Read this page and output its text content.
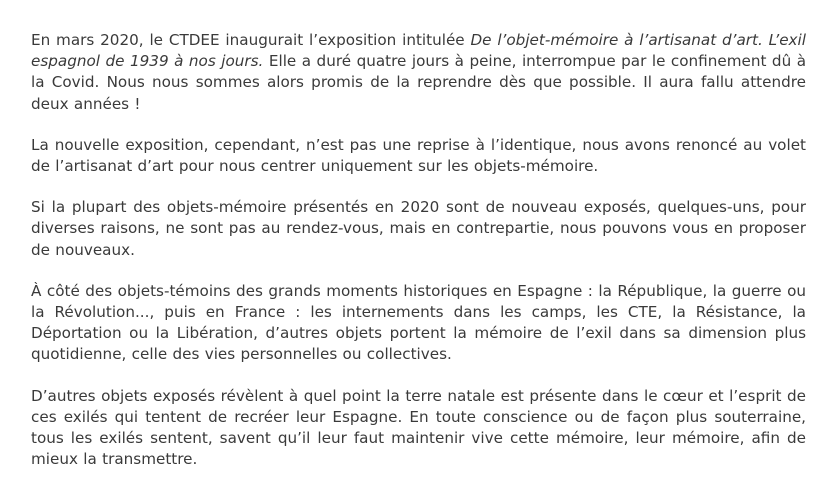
En mars 2020, le CTDEE inaugurait l’exposition intitulée De l’objet-mémoire à l’artisanat d’art. L’exil espagnol de 1939 à nos jours. Elle a duré quatre jours à peine, interrompue par le confinement dû à la Covid. Nous nous sommes alors promis de la reprendre dès que possible. Il aura fallu attendre deux années !

La nouvelle exposition, cependant, n’est pas une reprise à l’identique, nous avons renoncé au volet de l’artisanat d’art pour nous centrer uniquement sur les objets-mémoire.

Si la plupart des objets-mémoire présentés en 2020 sont de nouveau exposés, quelques-uns, pour diverses raisons, ne sont pas au rendez-vous, mais en contrepartie, nous pouvons vous en proposer de nouveaux.

À côté des objets-témoins des grands moments historiques en Espagne : la République, la guerre ou la Révolution..., puis en France : les internements dans les camps, les CTE, la Résistance, la Déportation ou la Libération, d’autres objets portent la mémoire de l’exil dans sa dimension plus quotidienne, celle des vies personnelles ou collectives.

D’autres objets exposés révèlent à quel point la terre natale est présente dans le cœur et l’esprit de ces exilés qui tentent de recréer leur Espagne. En toute conscience ou de façon plus souterraine, tous les exilés sentent, savent qu’il leur faut maintenir vive cette mémoire, leur mémoire, afin de mieux la transmettre.
